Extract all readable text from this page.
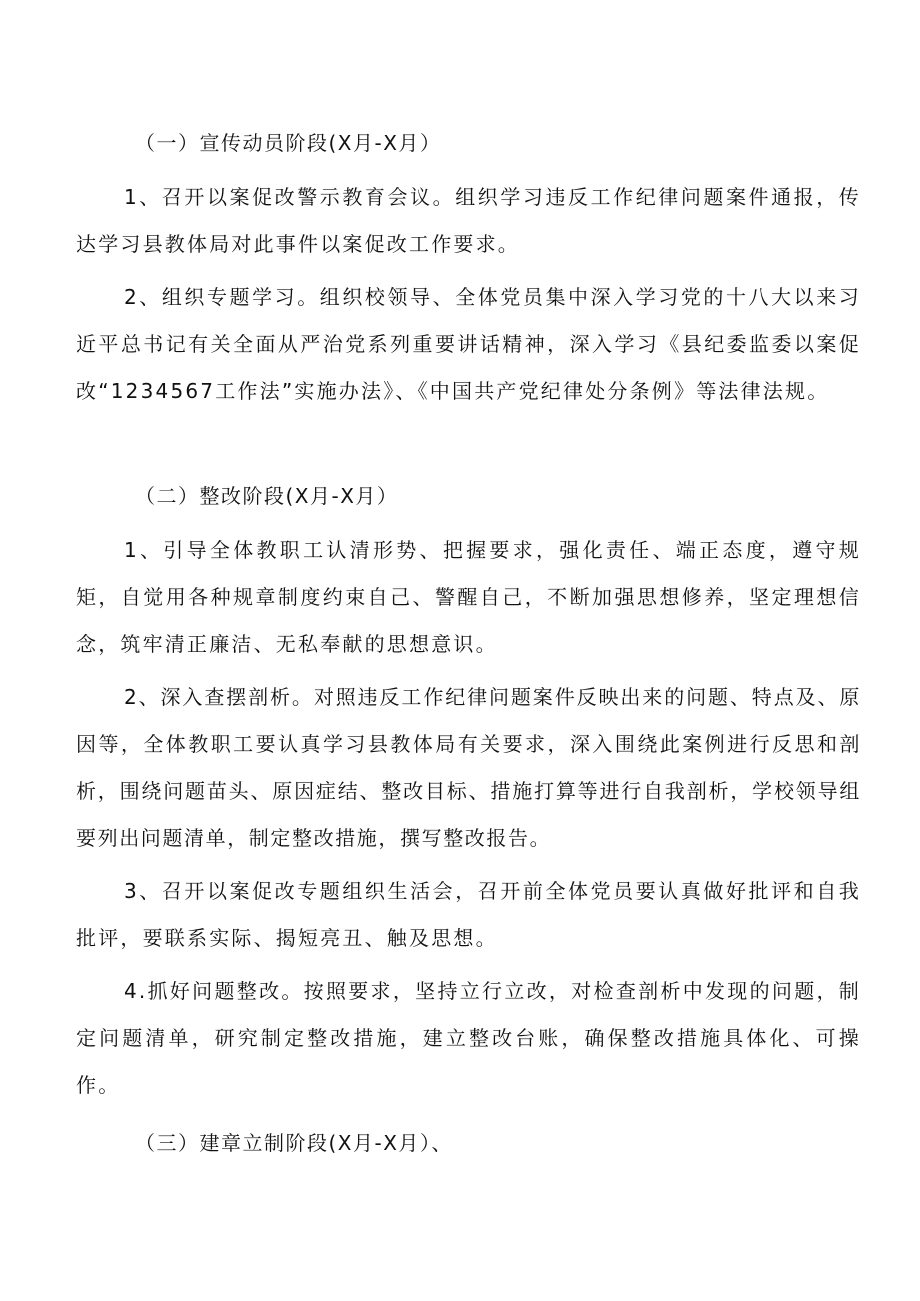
（一）宣传动员阶段(X月-X月）
1、召开以案促改警示教育会议。组织学习违反工作纪律问题案件通报，传达学习县教体局对此事件以案促改工作要求。
2、组织专题学习。组织校领导、全体党员集中深入学习党的十八大以来习近平总书记有关全面从严治党系列重要讲话精神，深入学习《县纪委监委以案促改“1234567工作法”实施办法》、《中国共产党纪律处分条例》等法律法规。
（二）整改阶段(X月-X月）
1、引导全体教职工认清形势、把握要求，强化责任、端正态度，遵守规矩，自觉用各种规章制度约束自己、警醒自己，不断加强思想修养，坚定理想信念，筑牢清正廉洁、无私奉献的思想意识。
2、深入查摆剖析。对照违反工作纪律问题案件反映出来的问题、特点及、原因等，全体教职工要认真学习县教体局有关要求，深入围绕此案例进行反思和剖析，围绕问题苗头、原因症结、整改目标、措施打算等进行自我剖析，学校领导组要列出问题清单，制定整改措施，撰写整改报告。
3、召开以案促改专题组织生活会，召开前全体党员要认真做好批评和自我批评，要联系实际、揭短亮丑、触及思想。
4.抓好问题整改。按照要求，坚持立行立改，对检查剖析中发现的问题，制定问题清单，研究制定整改措施，建立整改台账，确保整改措施具体化、可操作。
（三）建章立制阶段(X月-X月）、
